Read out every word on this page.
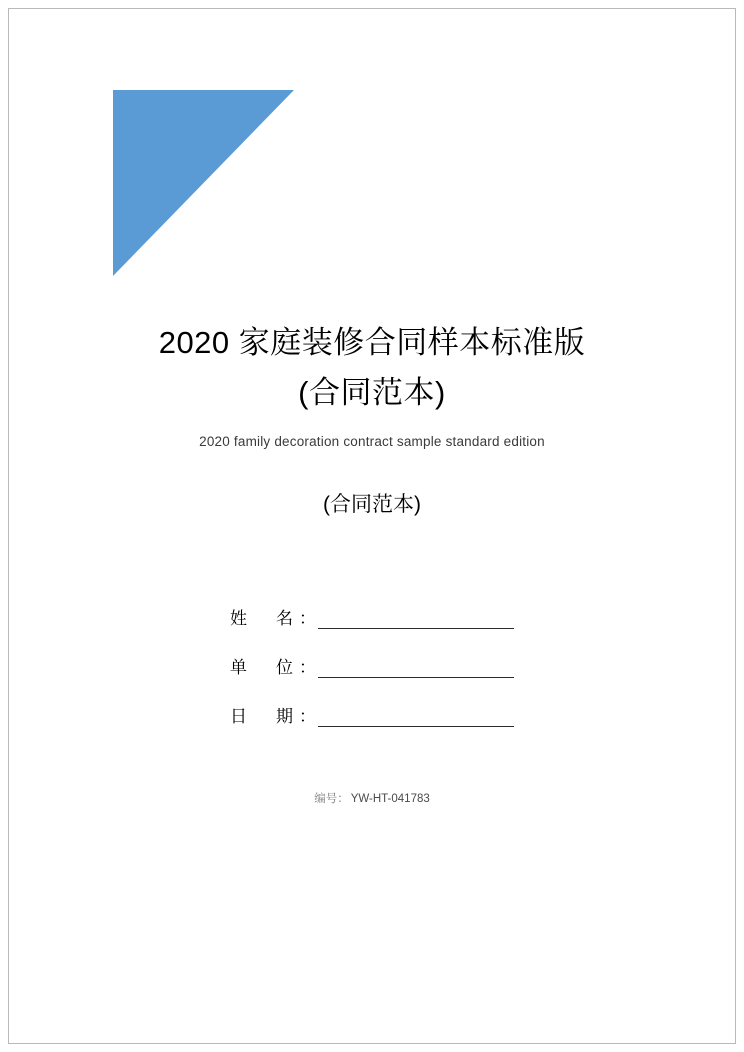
2020 家庭装修合同样本标准版
(合同范本)
2020 family decoration contract sample standard edition
(合同范本)
姓　名 ：
单　位 ：
日　期 ：
编号： YW-HT-041783
